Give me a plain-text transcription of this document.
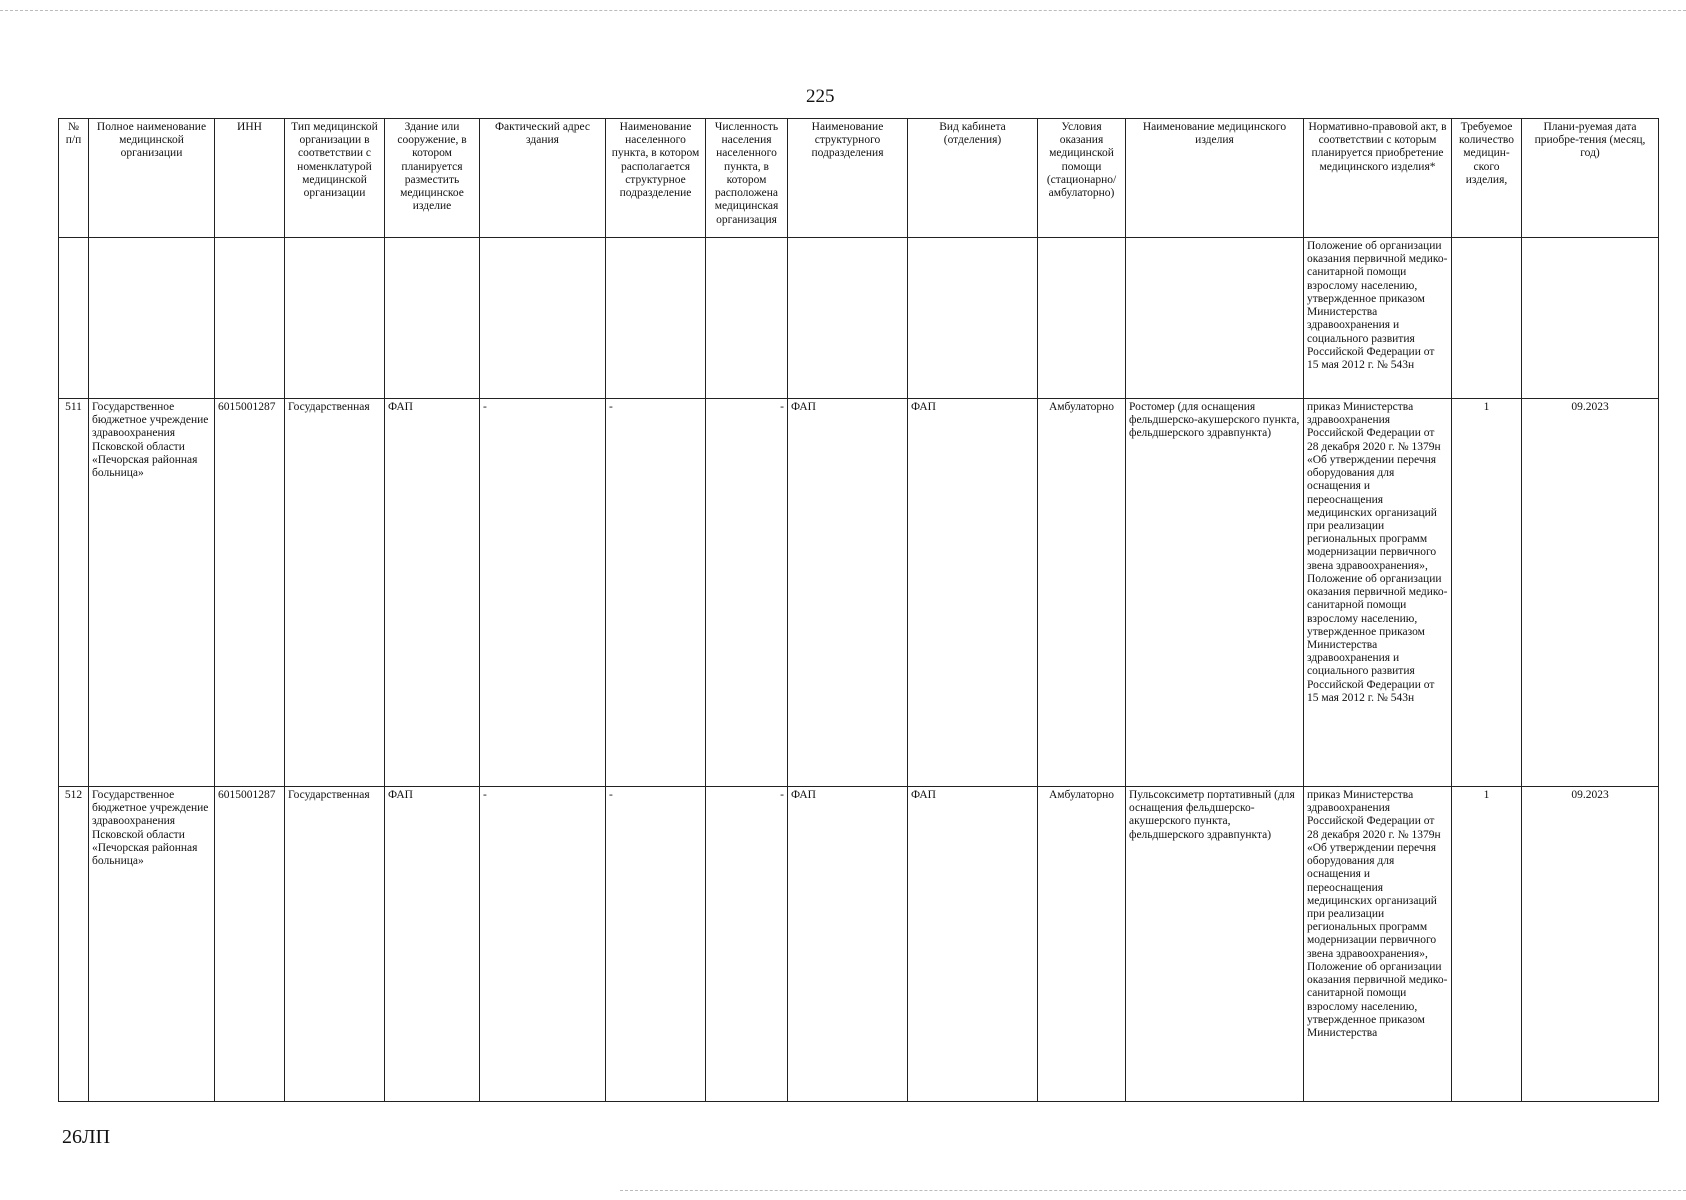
225
№ п/п	Полное наименование медицинской организации	ИНН	Тип медицинской организации в соответствии с номенклатурой медицинской организации	Здание или сооружение, в котором планируется разместить медицинское изделие	Фактический адрес здания	Наименование населенного пункта, в котором располагается структурное подразделение	Численность населения населенного пункта, в котором расположена медицинская организация	Наименование структурного подразделения	Вид кабинета (отделения)	Условия оказания медицинской помощи (стационарно/ амбулаторно)	Наименование медицинского изделия	Нормативно-правовой акт, в соответствии с которым планируется приобретение медицинского изделия*	Требуемое количество медицин-ского изделия,	Плани-руемая дата приобре-тения (месяц, год)
												Положение об организации оказания первичной медико-санитарной помощи взрослому населению, утвержденное приказом Министерства здравоохранения и социального развития Российской Федерации от 15 мая 2012 г. № 543н		
511	Государственное бюджетное учреждение здравоохранения Псковской области «Печорская районная больница»	6015001287	Государственная	ФАП	-	-	-	ФАП	ФАП	Амбулаторно	Ростомер (для оснащения фельдшерско-акушерского пункта, фельдшерского здравпункта)	приказ Министерства здравоохранения Российской Федерации от 28 декабря 2020 г. № 1379н «Об утверждении перечня оборудования для оснащения и переоснащения медицинских организаций при реализации региональных программ модернизации первичного звена здравоохранения», Положение об организации оказания первичной медико-санитарной помощи взрослому населению, утвержденное приказом Министерства здравоохранения и социального развития Российской Федерации от 15 мая 2012 г. № 543н	1	09.2023
512	Государственное бюджетное учреждение здравоохранения Псковской области «Печорская районная больница»	6015001287	Государственная	ФАП	-	-	-	ФАП	ФАП	Амбулаторно	Пульсоксиметр портативный (для оснащения фельдшерско-акушерского пункта, фельдшерского здравпункта)	приказ Министерства здравоохранения Российской Федерации от 28 декабря 2020 г. № 1379н «Об утверждении перечня оборудования для оснащения и переоснащения медицинских организаций при реализации региональных программ модернизации первичного звена здравоохранения», Положение об организации оказания первичной медико-санитарной помощи взрослому населению, утвержденное приказом Министерства	1	09.2023
26ЛП
